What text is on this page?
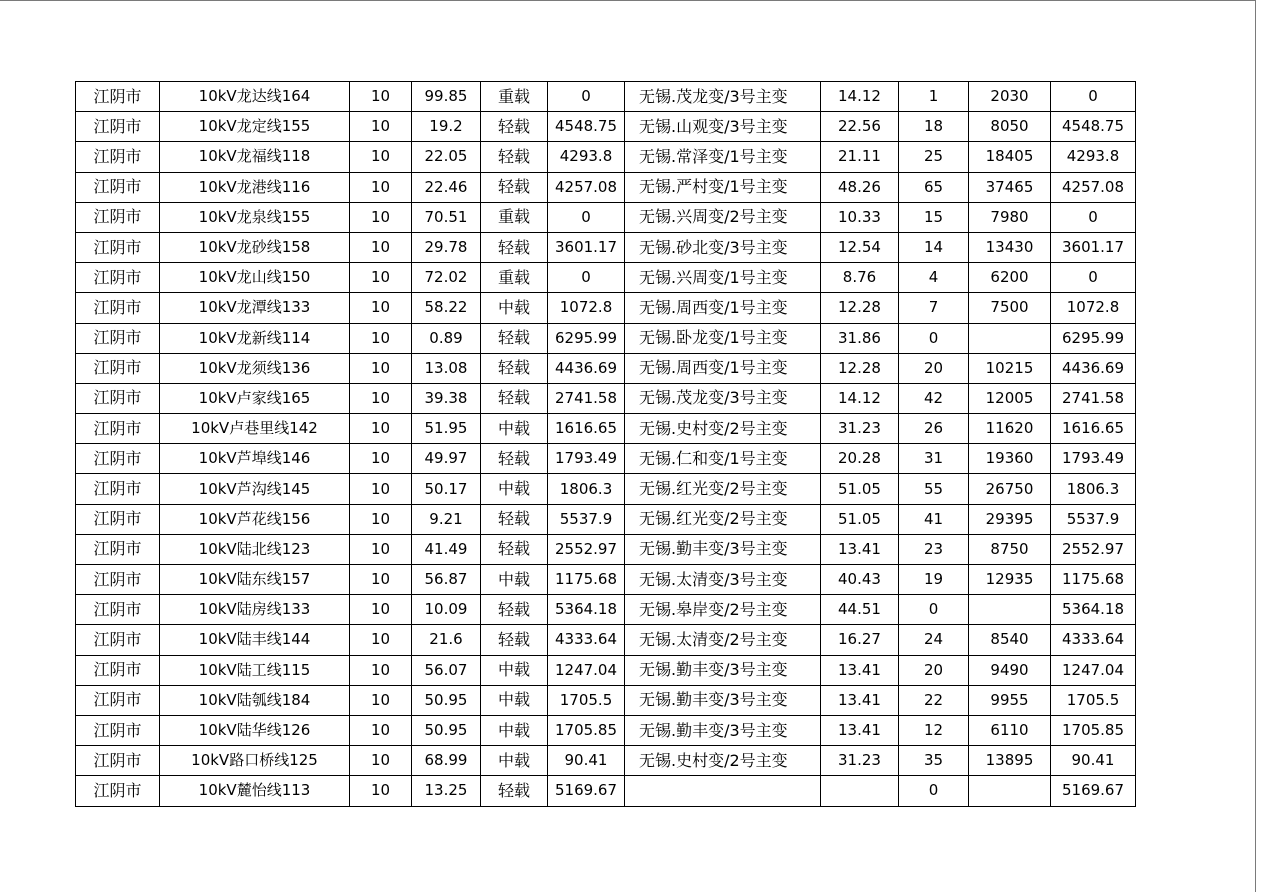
江阴市	10kV龙达线164	10	99.85	重载	0	无锡.茂龙变/3号主变	14.12	1	2030	0
江阴市	10kV龙定线155	10	19.2	轻载	4548.75	无锡.山观变/3号主变	22.56	18	8050	4548.75
江阴市	10kV龙福线118	10	22.05	轻载	4293.8	无锡.常泽变/1号主变	21.11	25	18405	4293.8
江阴市	10kV龙港线116	10	22.46	轻载	4257.08	无锡.严村变/1号主变	48.26	65	37465	4257.08
江阴市	10kV龙泉线155	10	70.51	重载	0	无锡.兴周变/2号主变	10.33	15	7980	0
江阴市	10kV龙砂线158	10	29.78	轻载	3601.17	无锡.砂北变/3号主变	12.54	14	13430	3601.17
江阴市	10kV龙山线150	10	72.02	重载	0	无锡.兴周变/1号主变	8.76	4	6200	0
江阴市	10kV龙潭线133	10	58.22	中载	1072.8	无锡.周西变/1号主变	12.28	7	7500	1072.8
江阴市	10kV龙新线114	10	0.89	轻载	6295.99	无锡.卧龙变/1号主变	31.86	0		6295.99
江阴市	10kV龙须线136	10	13.08	轻载	4436.69	无锡.周西变/1号主变	12.28	20	10215	4436.69
江阴市	10kV卢家线165	10	39.38	轻载	2741.58	无锡.茂龙变/3号主变	14.12	42	12005	2741.58
江阴市	10kV卢巷里线142	10	51.95	中载	1616.65	无锡.史村变/2号主变	31.23	26	11620	1616.65
江阴市	10kV芦埠线146	10	49.97	轻载	1793.49	无锡.仁和变/1号主变	20.28	31	19360	1793.49
江阴市	10kV芦沟线145	10	50.17	中载	1806.3	无锡.红光变/2号主变	51.05	55	26750	1806.3
江阴市	10kV芦花线156	10	9.21	轻载	5537.9	无锡.红光变/2号主变	51.05	41	29395	5537.9
江阴市	10kV陆北线123	10	41.49	轻载	2552.97	无锡.勤丰变/3号主变	13.41	23	8750	2552.97
江阴市	10kV陆东线157	10	56.87	中载	1175.68	无锡.太清变/3号主变	40.43	19	12935	1175.68
江阴市	10kV陆房线133	10	10.09	轻载	5364.18	无锡.皋岸变/2号主变	44.51	0		5364.18
江阴市	10kV陆丰线144	10	21.6	轻载	4333.64	无锡.太清变/2号主变	16.27	24	8540	4333.64
江阴市	10kV陆工线115	10	56.07	中载	1247.04	无锡.勤丰变/3号主变	13.41	20	9490	1247.04
江阴市	10kV陆瓠线184	10	50.95	中载	1705.5	无锡.勤丰变/3号主变	13.41	22	9955	1705.5
江阴市	10kV陆华线126	10	50.95	中载	1705.85	无锡.勤丰变/3号主变	13.41	12	6110	1705.85
江阴市	10kV路口桥线125	10	68.99	中载	90.41	无锡.史村变/2号主变	31.23	35	13895	90.41
江阴市	10kV麓怡线113	10	13.25	轻载	5169.67			0		5169.67
